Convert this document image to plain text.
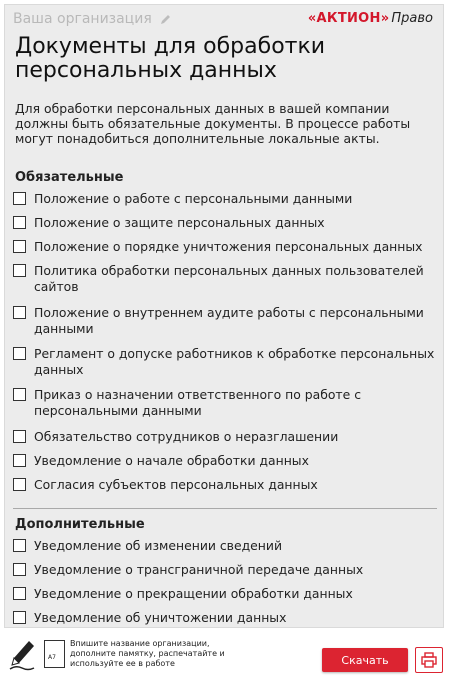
Ваша организация	«АКТИОН» Право
Документы для обработки персональных данных
Для обработки персональных данных в вашей компании должны быть обязательные документы. В процессе работы могут понадобиться дополнительные локальные акты.
Обязательные
Положение о работе с персональными данными
Положение о защите персональных данных
Положение о порядке уничтожения персональных данных
Политика обработки персональных данных пользователей сайтов
Положение о внутреннем аудите работы с персональными данными
Регламент о допуске работников к обработке персональных данных
Приказ о назначении ответственного по работе с персональными данными
Обязательство сотрудников о неразглашении
Уведомление о начале обработки данных
Согласия субъектов персональных данных
Дополнительные
Уведомление об изменении сведений
Уведомление о трансграничной передаче данных
Уведомление о прекращении обработки данных
Уведомление об уничтожении данных
A7
Впишите название организации, дополните памятку, распечатайте и используйте ее в работе	Скачать
